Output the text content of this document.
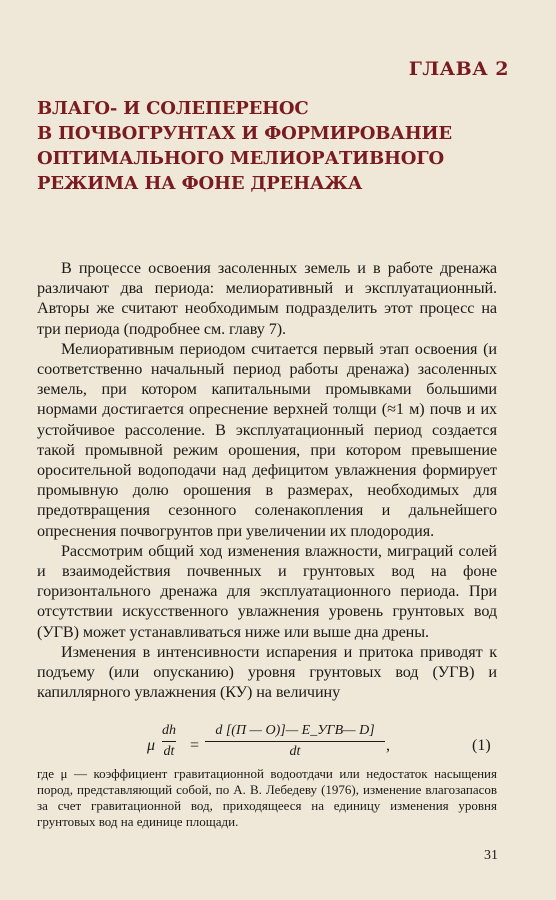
ГЛАВА 2
ВЛАГО- И СОЛЕПЕРЕНОС
В ПОЧВОГРУНТАХ И ФОРМИРОВАНИЕ
ОПТИМАЛЬНОГО МЕЛИОРАТИВНОГО
РЕЖИМА НА ФОНЕ ДРЕНАЖА

В процессе освоения засоленных земель и в работе дренажа различают два периода: мелиоративный и эксплуатационный. Авторы же считают необходимым подразделить этот процесс на три периода (подробнее см. главу 7).

Мелиоративным периодом считается первый этап освоения (и соответственно начальный период работы дренажа) засоленных земель, при котором капитальными промывками большими нормами достигается опреснение верхней толщи (≈1 м) почв и их устойчивое рассоление. В эксплуатационный период создается такой промывной режим орошения, при котором превышение оросительной водоподачи над дефицитом увлажнения формирует промывную долю орошения в размерах, необходимых для предотвращения сезонного соленакопления и дальнейшего опреснения почвогрунтов при увеличении их плодородия.

Рассмотрим общий ход изменения влажности, миграций солей и взаимодействия почвенных и грунтовых вод на фоне горизонтального дренажа для эксплуатационного периода. При отсутствии искусственного увлажнения уровень грунтовых вод (УГВ) может устанавливаться ниже или выше дна дрены.

Изменения в интенсивности испарения и притока приводят к подъему (или опусканию) уровня грунтовых вод (УГВ) и капиллярного увлажнения (КУ) на величину

μ
dh
dt =
d [(П — О)]— E_УГВ— D]
dt	,	(1)
где μ — коэффициент гравитационной водоотдачи или недостаток насыщения пород, представляющий собой, по А. В. Лебедеву (1976), изменение влагозапасов за счет гравитационной вод, приходящееся на единицу изменения уровня грунтовых вод на единице площади.
31
